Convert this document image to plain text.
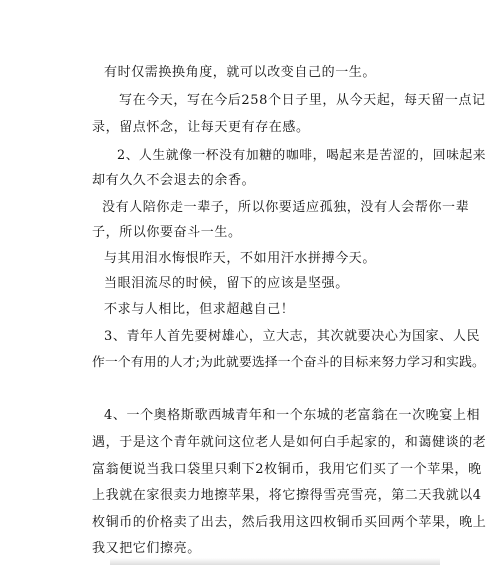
有时仅需换换角度，就可以改变自己的一生。
写在今天，写在今后258个日子里，从今天起，每天留一点记
录，留点怀念，让每天更有存在感。
2、人生就像一杯没有加糖的咖啡，喝起来是苦涩的，回味起来
却有久久不会退去的余香。
没有人陪你走一辈子，所以你要适应孤独，没有人会帮你一辈
子，所以你要奋斗一生。
与其用泪水悔恨昨天，不如用汗水拼搏今天。
当眼泪流尽的时候，留下的应该是坚强。
不求与人相比，但求超越自己！
3、青年人首先要树雄心，立大志，其次就要决心为国家、人民
作一个有用的人才;为此就要选择一个奋斗的目标来努力学习和实践。
4、一个奥格斯歌西城青年和一个东城的老富翁在一次晚宴上相
遇，于是这个青年就问这位老人是如何白手起家的，和蔼健谈的老
富翁便说当我口袋里只剩下2枚铜币，我用它们买了一个苹果，晚
上我就在家很卖力地擦苹果，将它擦得雪亮雪亮，第二天我就以4
枚铜币的价格卖了出去，然后我用这四枚铜币买回两个苹果，晚上
我又把它们擦亮。
